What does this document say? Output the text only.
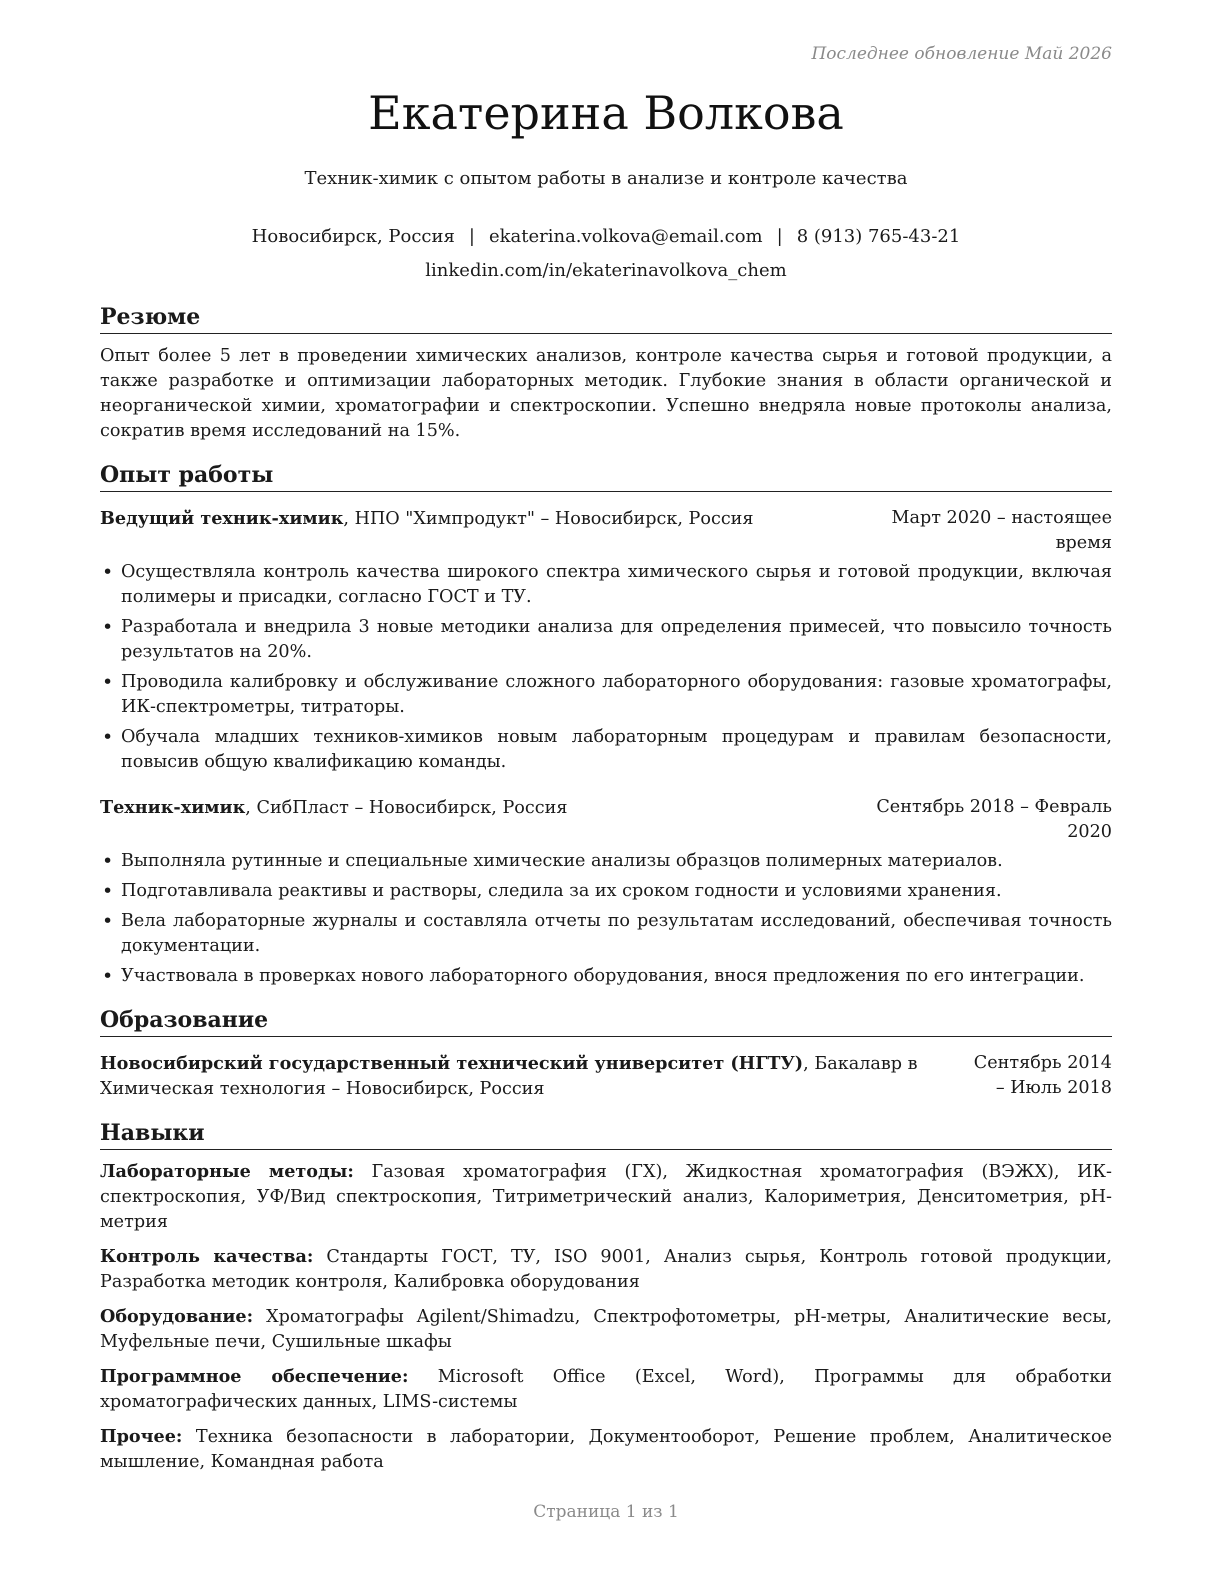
Последнее обновление Май 2026
Екатерина Волкова
Техник-химик с опытом работы в анализе и контроле качества
Новосибирск, Россия | ekaterina.volkova@email.com | 8 (913) 765-43-21
linkedin.com/in/ekaterinavolkova_chem
Резюме

Опыт более 5 лет в проведении химических анализов, контроле качества сырья и готовой продукции, а также разработке и оптимизации лабораторных методик. Глубокие знания в области органической и неорганической химии, хроматографии и спектроскопии. Успешно внедряла новые протоколы анализа, сократив время исследований на 15%.

Опыт работы
Ведущий техник-химик, НПО "Химпродукт" – Новосибирск, Россия	Март 2020 – настоящее время
• Осуществляла контроль качества широкого спектра химического сырья и готовой продукции, включая полимеры и присадки, согласно ГОСТ и ТУ.
• Разработала и внедрила 3 новые методики анализа для определения примесей, что повысило точность результатов на 20%.
• Проводила калибровку и обслуживание сложного лабораторного оборудования: газовые хроматографы, ИК-спектрометры, титраторы.
• Обучала младших техников-химиков новым лабораторным процедурам и правилам безопасности, повысив общую квалификацию команды.
Техник-химик, СибПласт – Новосибирск, Россия	Сентябрь 2018 – Февраль 2020
• Выполняла рутинные и специальные химические анализы образцов полимерных материалов.
• Подготавливала реактивы и растворы, следила за их сроком годности и условиями хранения.
• Вела лабораторные журналы и составляла отчеты по результатам исследований, обеспечивая точность документации.
• Участвовала в проверках нового лабораторного оборудования, внося предложения по его интеграции.
Образование
Новосибирский государственный технический университет (НГТУ), Бакалавр в Химическая технология – Новосибирск, Россия
Сентябрь 2014 – Июль 2018
Навыки
Лабораторные методы: Газовая хроматография (ГХ), Жидкостная хроматография (ВЭЖХ), ИК-спектроскопия, УФ/Вид спектроскопия, Титриметрический анализ, Калориметрия, Денситометрия, pH-метрия
Контроль качества: Стандарты ГОСТ, ТУ, ISO 9001, Анализ сырья, Контроль готовой продукции, Разработка методик контроля, Калибровка оборудования
Оборудование: Хроматографы Agilent/Shimadzu, Спектрофотометры, pH-метры, Аналитические весы, Муфельные печи, Сушильные шкафы
Программное обеспечение: Microsoft Office (Excel, Word), Программы для обработки хроматографических данных, LIMS-системы
Прочее: Техника безопасности в лаборатории, Документооборот, Решение проблем, Аналитическое мышление, Командная работа
Страница 1 из 1
